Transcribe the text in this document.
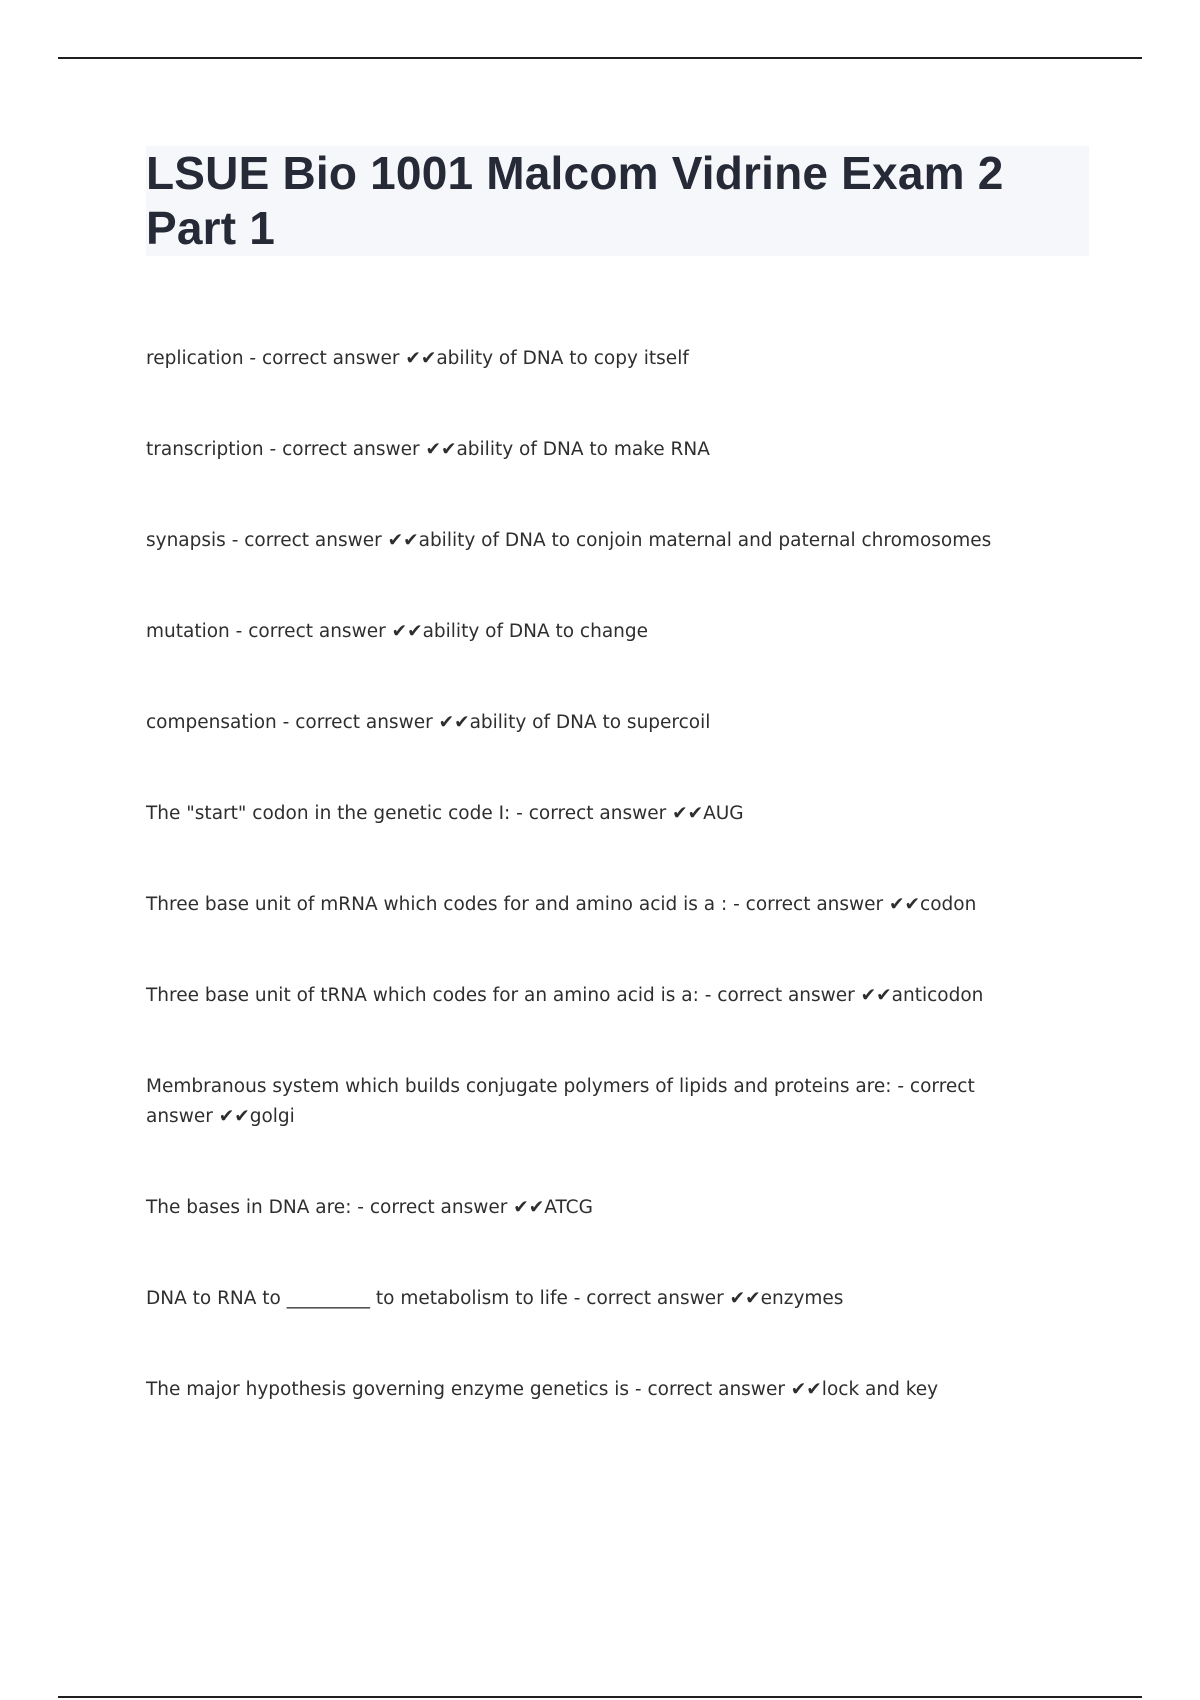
LSUE Bio 1001 Malcom Vidrine Exam 2 Part 1
replication - correct answer ✔✔ability of DNA to copy itself
transcription - correct answer ✔✔ability of DNA to make RNA
synapsis - correct answer ✔✔ability of DNA to conjoin maternal and paternal chromosomes
mutation - correct answer ✔✔ability of DNA to change
compensation - correct answer ✔✔ability of DNA to supercoil
The "start" codon in the genetic code I: - correct answer ✔✔AUG
Three base unit of mRNA which codes for and amino acid is a : - correct answer ✔✔codon
Three base unit of tRNA which codes for an amino acid is a: - correct answer ✔✔anticodon
Membranous system which builds conjugate polymers of lipids and proteins are: - correct answer ✔✔golgi
The bases in DNA are: - correct answer ✔✔ATCG
DNA to RNA to _________ to metabolism to life - correct answer ✔✔enzymes
The major hypothesis governing enzyme genetics is - correct answer ✔✔lock and key
